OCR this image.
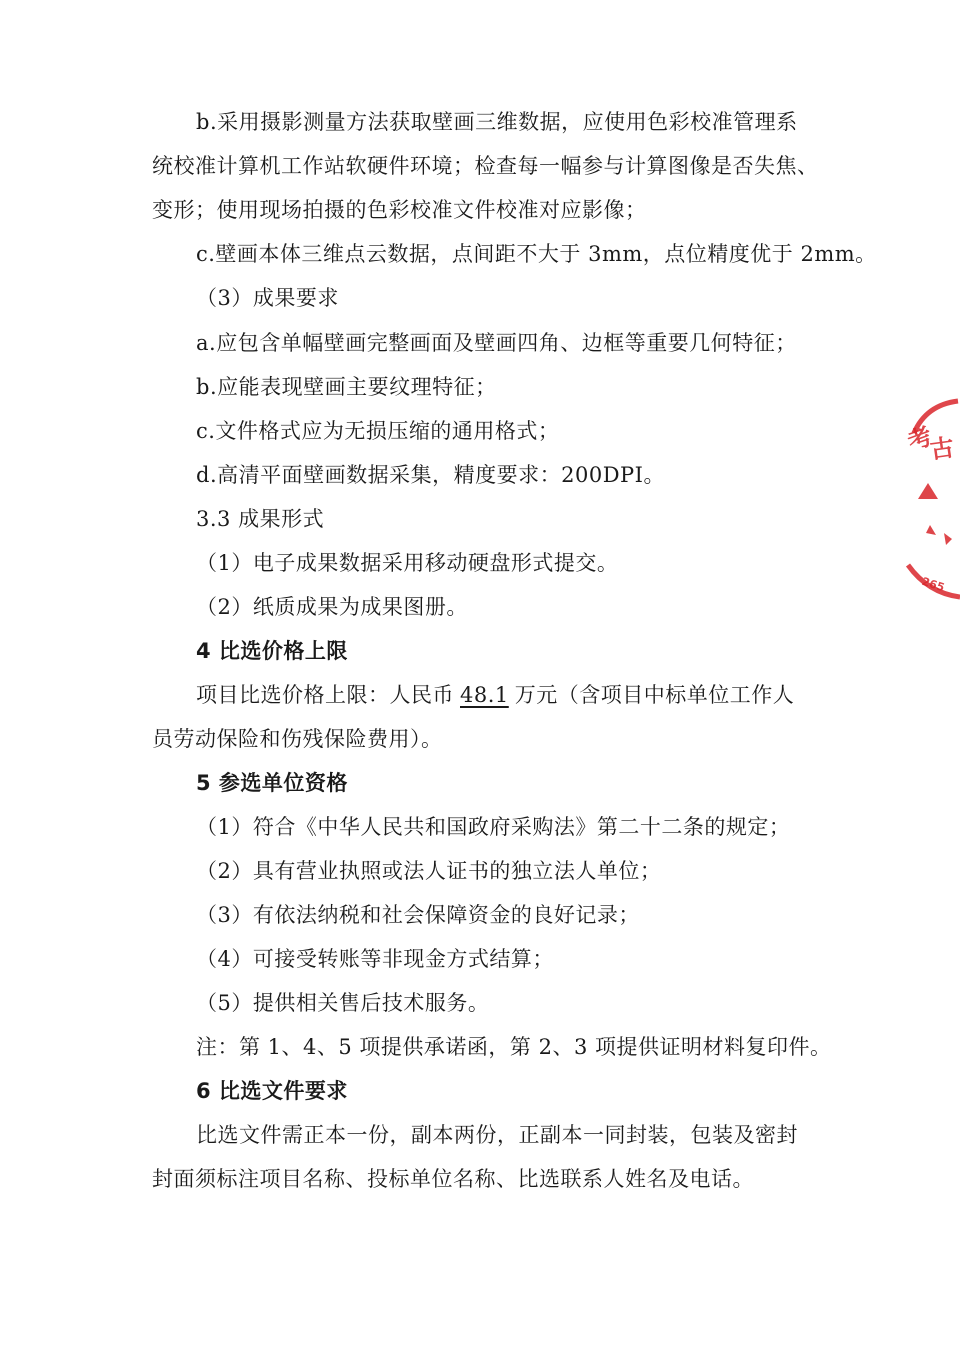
b.采用摄影测量方法获取壁画三维数据，应使用色彩校准管理系
统校准计算机工作站软硬件环境；检查每一幅参与计算图像是否失焦、
变形；使用现场拍摄的色彩校准文件校准对应影像；
c.壁画本体三维点云数据，点间距不大于 3mm，点位精度优于 2mm。
（3）成果要求
a.应包含单幅壁画完整画面及壁画四角、边框等重要几何特征；
b.应能表现壁画主要纹理特征；
c.文件格式应为无损压缩的通用格式；
d.高清平面壁画数据采集，精度要求：200DPI。
3.3 成果形式
（1）电子成果数据采用移动硬盘形式提交。
（2）纸质成果为成果图册。
4 比选价格上限
项目比选价格上限：人民币 48.1 万元（含项目中标单位工作人
员劳动保险和伤残保险费用）。
5 参选单位资格
（1）符合《中华人民共和国政府采购法》第二十二条的规定；
（2）具有营业执照或法人证书的独立法人单位；
（3）有依法纳税和社会保障资金的良好记录；
（4）可接受转账等非现金方式结算；
（5）提供相关售后技术服务。
注：第 1、4、5 项提供承诺函，第 2、3 项提供证明材料复印件。
6 比选文件要求
比选文件需正本一份，副本两份，正副本一同封装，包装及密封
封面须标注项目名称、投标单位名称、比选联系人姓名及电话。
考
古
265
